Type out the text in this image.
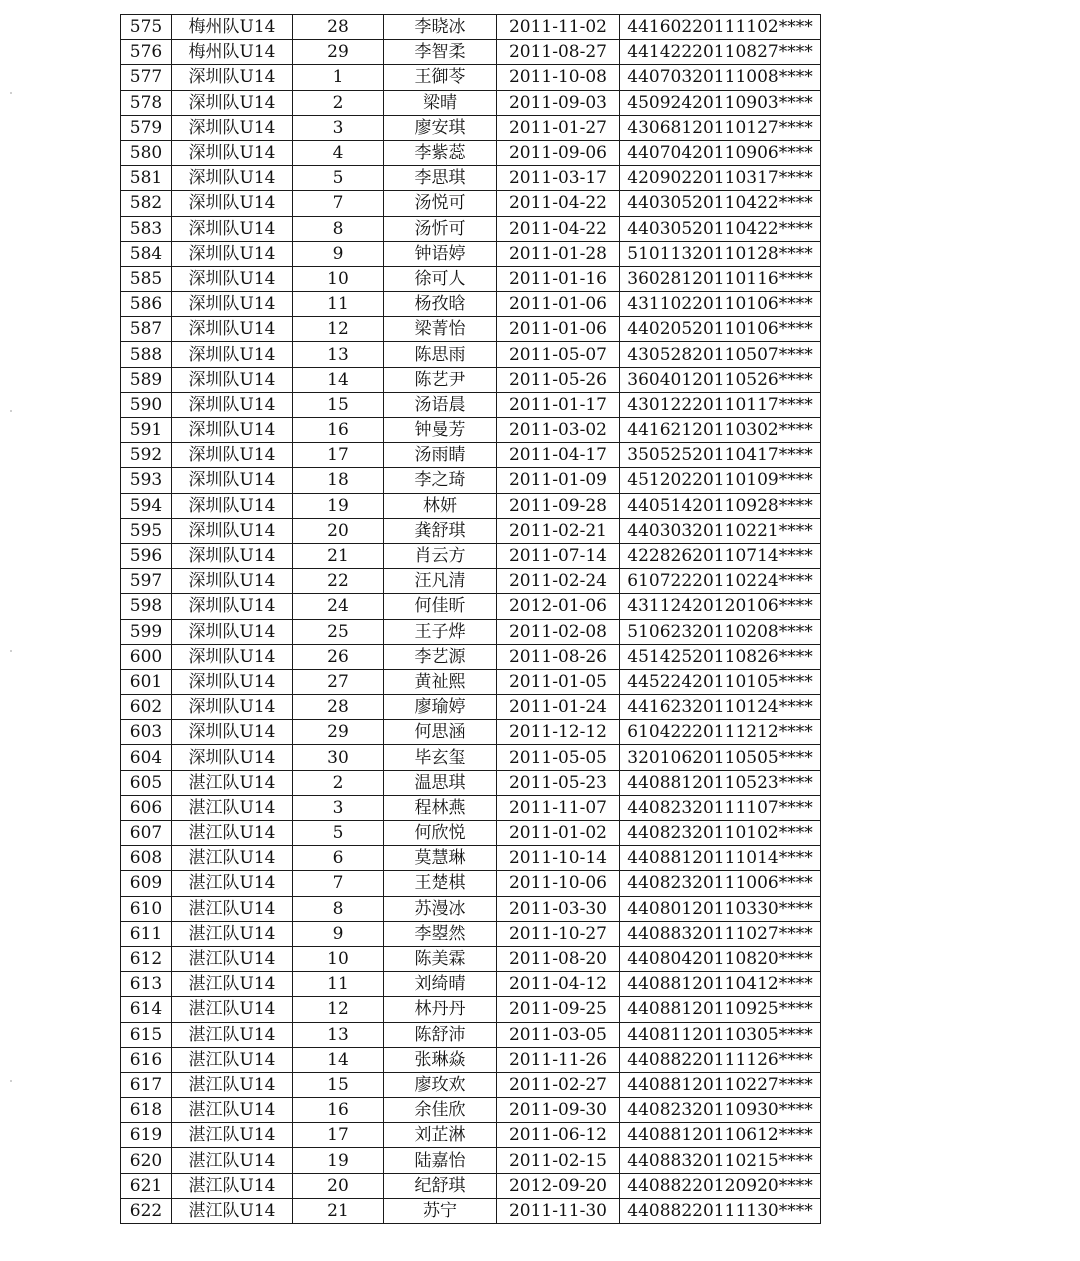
575	梅州队U14	28	李晓冰	2011-11-02	44160220111102****
576	梅州队U14	29	李智柔	2011-08-27	44142220110827****
577	深圳队U14	1	王御苓	2011-10-08	44070320111008****
578	深圳队U14	2	梁晴	2011-09-03	45092420110903****
579	深圳队U14	3	廖安琪	2011-01-27	43068120110127****
580	深圳队U14	4	李紫蕊	2011-09-06	44070420110906****
581	深圳队U14	5	李思琪	2011-03-17	42090220110317****
582	深圳队U14	7	汤悦可	2011-04-22	44030520110422****
583	深圳队U14	8	汤忻可	2011-04-22	44030520110422****
584	深圳队U14	9	钟语婷	2011-01-28	51011320110128****
585	深圳队U14	10	徐可人	2011-01-16	36028120110116****
586	深圳队U14	11	杨孜晗	2011-01-06	43110220110106****
587	深圳队U14	12	梁菁怡	2011-01-06	44020520110106****
588	深圳队U14	13	陈思雨	2011-05-07	43052820110507****
589	深圳队U14	14	陈艺尹	2011-05-26	36040120110526****
590	深圳队U14	15	汤语晨	2011-01-17	43012220110117****
591	深圳队U14	16	钟曼芳	2011-03-02	44162120110302****
592	深圳队U14	17	汤雨睛	2011-04-17	35052520110417****
593	深圳队U14	18	李之琦	2011-01-09	45120220110109****
594	深圳队U14	19	林妍	2011-09-28	44051420110928****
595	深圳队U14	20	龚舒琪	2011-02-21	44030320110221****
596	深圳队U14	21	肖云方	2011-07-14	42282620110714****
597	深圳队U14	22	汪凡清	2011-02-24	61072220110224****
598	深圳队U14	24	何佳昕	2012-01-06	43112420120106****
599	深圳队U14	25	王子烨	2011-02-08	51062320110208****
600	深圳队U14	26	李艺源	2011-08-26	45142520110826****
601	深圳队U14	27	黄祉熙	2011-01-05	44522420110105****
602	深圳队U14	28	廖瑜婷	2011-01-24	44162320110124****
603	深圳队U14	29	何思涵	2011-12-12	61042220111212****
604	深圳队U14	30	毕玄玺	2011-05-05	32010620110505****
605	湛江队U14	2	温思琪	2011-05-23	44088120110523****
606	湛江队U14	3	程林燕	2011-11-07	44082320111107****
607	湛江队U14	5	何欣悦	2011-01-02	44082320110102****
608	湛江队U14	6	莫慧琳	2011-10-14	44088120111014****
609	湛江队U14	7	王楚棋	2011-10-06	44082320111006****
610	湛江队U14	8	苏漫冰	2011-03-30	44080120110330****
611	湛江队U14	9	李曌然	2011-10-27	44088320111027****
612	湛江队U14	10	陈美霖	2011-08-20	44080420110820****
613	湛江队U14	11	刘绮晴	2011-04-12	44088120110412****
614	湛江队U14	12	林丹丹	2011-09-25	44088120110925****
615	湛江队U14	13	陈舒沛	2011-03-05	44081120110305****
616	湛江队U14	14	张琳焱	2011-11-26	44088220111126****
617	湛江队U14	15	廖玫欢	2011-02-27	44088120110227****
618	湛江队U14	16	余佳欣	2011-09-30	44082320110930****
619	湛江队U14	17	刘芷淋	2011-06-12	44088120110612****
620	湛江队U14	19	陆嘉怡	2011-02-15	44088320110215****
621	湛江队U14	20	纪舒琪	2012-09-20	44088220120920****
622	湛江队U14	21	苏宁	2011-11-30	44088220111130****
